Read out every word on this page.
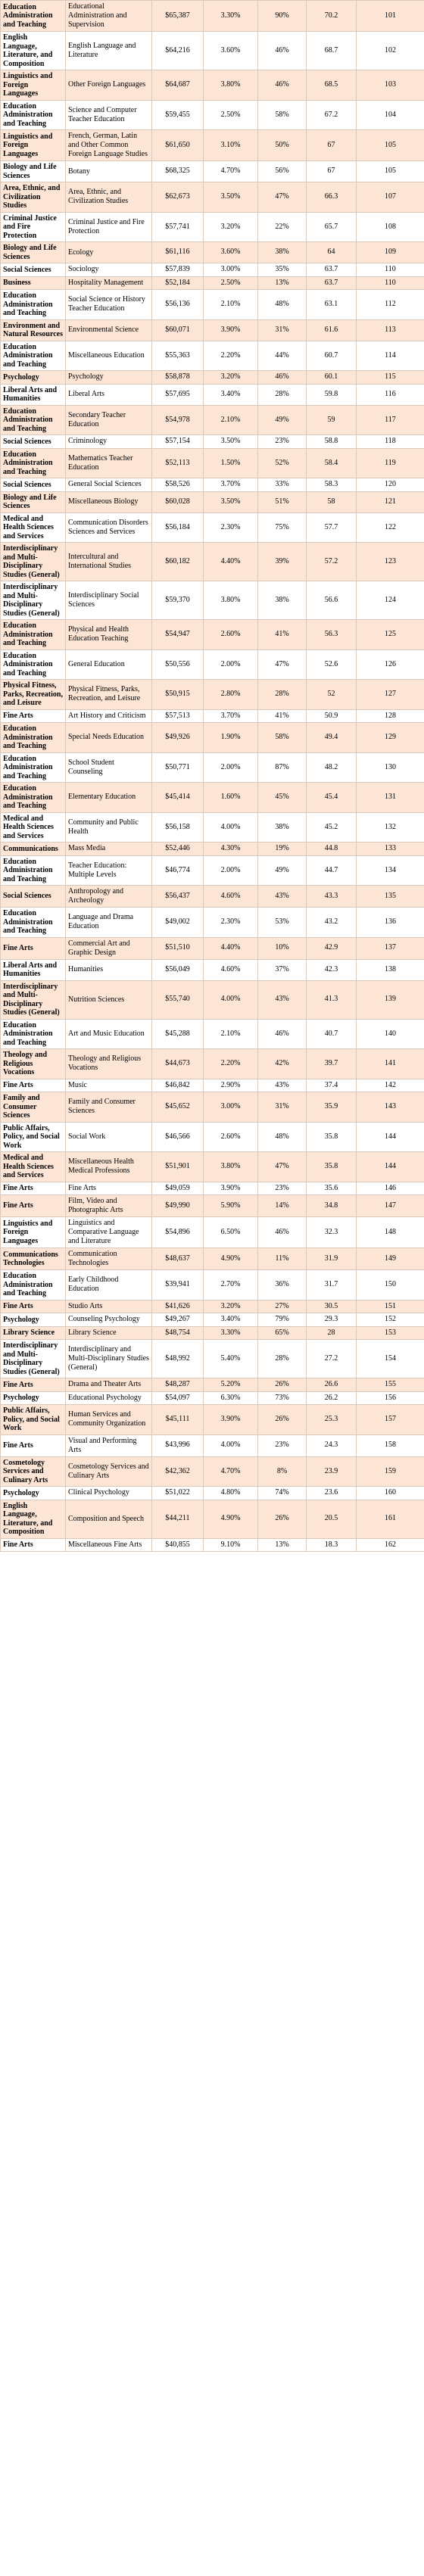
Education Administration and Teaching	Educational Administration and Supervision	$65,387	3.30%	90%	70.2	101
English Language, Literature, and Composition	English Language and Literature	$64,216	3.60%	46%	68.7	102
Linguistics and Foreign Languages	Other Foreign Languages	$64,687	3.80%	46%	68.5	103
Education Administration and Teaching	Science and Computer Teacher Education	$59,455	2.50%	58%	67.2	104
Linguistics and Foreign Languages	French, German, Latin and Other Common Foreign Language Studies	$61,650	3.10%	50%	67	105
Biology and Life Sciences	Botany	$68,325	4.70%	56%	67	105
Area, Ethnic, and Civilization Studies	Area, Ethnic, and Civilization Studies	$62,673	3.50%	47%	66.3	107
Criminal Justice and Fire Protection	Criminal Justice and Fire Protection	$57,741	3.20%	22%	65.7	108
Biology and Life Sciences	Ecology	$61,116	3.60%	38%	64	109
Social Sciences	Sociology	$57,839	3.00%	35%	63.7	110
Business	Hospitality Management	$52,184	2.50%	13%	63.7	110
Education Administration and Teaching	Social Science or History Teacher Education	$56,136	2.10%	48%	63.1	112
Environment and Natural Resources	Environmental Science	$60,071	3.90%	31%	61.6	113
Education Administration and Teaching	Miscellaneous Education	$55,363	2.20%	44%	60.7	114
Psychology	Psychology	$58,878	3.20%	46%	60.1	115
Liberal Arts and Humanities	Liberal Arts	$57,695	3.40%	28%	59.8	116
Education Administration and Teaching	Secondary Teacher Education	$54,978	2.10%	49%	59	117
Social Sciences	Criminology	$57,154	3.50%	23%	58.8	118
Education Administration and Teaching	Mathematics Teacher Education	$52,113	1.50%	52%	58.4	119
Social Sciences	General Social Sciences	$58,526	3.70%	33%	58.3	120
Biology and Life Sciences	Miscellaneous Biology	$60,028	3.50%	51%	58	121
Medical and Health Sciences and Services	Communication Disorders Sciences and Services	$56,184	2.30%	75%	57.7	122
Interdisciplinary and Multi-Disciplinary Studies (General)	Intercultural and International Studies	$60,182	4.40%	39%	57.2	123
Interdisciplinary and Multi-Disciplinary Studies (General)	Interdisciplinary Social Sciences	$59,370	3.80%	38%	56.6	124
Education Administration and Teaching	Physical and Health Education Teaching	$54,947	2.60%	41%	56.3	125
Education Administration and Teaching	General Education	$50,556	2.00%	47%	52.6	126
Physical Fitness, Parks, Recreation, and Leisure	Physical Fitness, Parks, Recreation, and Leisure	$50,915	2.80%	28%	52	127
Fine Arts	Art History and Criticism	$57,513	3.70%	41%	50.9	128
Education Administration and Teaching	Special Needs Education	$49,926	1.90%	58%	49.4	129
Education Administration and Teaching	School Student Counseling	$50,771	2.00%	87%	48.2	130
Education Administration and Teaching	Elementary Education	$45,414	1.60%	45%	45.4	131
Medical and Health Sciences and Services	Community and Public Health	$56,158	4.00%	38%	45.2	132
Communications	Mass Media	$52,446	4.30%	19%	44.8	133
Education Administration and Teaching	Teacher Education: Multiple Levels	$46,774	2.00%	49%	44.7	134
Social Sciences	Anthropology and Archeology	$56,437	4.60%	43%	43.3	135
Education Administration and Teaching	Language and Drama Education	$49,002	2.30%	53%	43.2	136
Fine Arts	Commercial Art and Graphic Design	$51,510	4.40%	10%	42.9	137
Liberal Arts and Humanities	Humanities	$56,049	4.60%	37%	42.3	138
Interdisciplinary and Multi-Disciplinary Studies (General)	Nutrition Sciences	$55,740	4.00%	43%	41.3	139
Education Administration and Teaching	Art and Music Education	$45,288	2.10%	46%	40.7	140
Theology and Religious Vocations	Theology and Religious Vocations	$44,673	2.20%	42%	39.7	141
Fine Arts	Music	$46,842	2.90%	43%	37.4	142
Family and Consumer Sciences	Family and Consumer Sciences	$45,652	3.00%	31%	35.9	143
Public Affairs, Policy, and Social Work	Social Work	$46,566	2.60%	48%	35.8	144
Medical and Health Sciences and Services	Miscellaneous Health Medical Professions	$51,901	3.80%	47%	35.8	144
Fine Arts	Fine Arts	$49,059	3.90%	23%	35.6	146
Fine Arts	Film, Video and Photographic Arts	$49,990	5.90%	14%	34.8	147
Linguistics and Foreign Languages	Linguistics and Comparative Language and Literature	$54,896	6.50%	46%	32.3	148
Communications Technologies	Communication Technologies	$48,637	4.90%	11%	31.9	149
Education Administration and Teaching	Early Childhood Education	$39,941	2.70%	36%	31.7	150
Fine Arts	Studio Arts	$41,626	3.20%	27%	30.5	151
Psychology	Counseling Psychology	$49,267	3.40%	79%	29.3	152
Library Science	Library Science	$48,754	3.30%	65%	28	153
Interdisciplinary and Multi-Disciplinary Studies (General)	Interdisciplinary and Multi-Disciplinary Studies (General)	$48,992	5.40%	28%	27.2	154
Fine Arts	Drama and Theater Arts	$48,287	5.20%	26%	26.6	155
Psychology	Educational Psychology	$54,097	6.30%	73%	26.2	156
Public Affairs, Policy, and Social Work	Human Services and Community Organization	$45,111	3.90%	26%	25.3	157
Fine Arts	Visual and Performing Arts	$43,996	4.00%	23%	24.3	158
Cosmetology Services and Culinary Arts	Cosmetology Services and Culinary Arts	$42,362	4.70%	8%	23.9	159
Psychology	Clinical Psychology	$51,022	4.80%	74%	23.6	160
English Language, Literature, and Composition	Composition and Speech	$44,211	4.90%	26%	20.5	161
Fine Arts	Miscellaneous Fine Arts	$40,855	9.10%	13%	18.3	162
